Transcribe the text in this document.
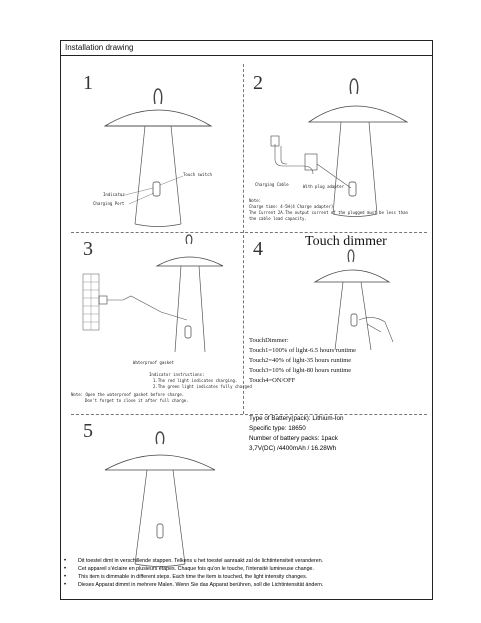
Installation drawing
1
Touch switch
Indicator
Charging Port
2
Charging Cable	With plug adapter
Note:
Charge time: 4-5H(4 Charge adapter)
The Current 2A.The output current of the plugged must be less than
the cable load capacity.
3
Waterproof gasket
Indicator instructions:
1.The red light indicates charging.
2.The green light indicates fully charged
Note: Open the waterproof gasket before charge.
Don't forget to close it after full charge.
4	Touch dimmer
TouchDimmer:
Touch1=100% of light-6.5 hours runtime
Touch2=40% of light-35 hours runtime
Touch3=10% of light-80 hours runtime
Touch4=ON/OFF
5
Type of Battery(pack): Lithium-Ion
Specific type: 18650
Number of battery packs: 1pack
3,7V(DC) /4400mAh / 16.28Wh
• Dit toestel dimt in verschillende stappen. Telkens u het toestel aanraakt zal de lichtintensiteit veranderen.
• Cet appareil s'éclaire en plusieurs étapes. Chaque fois qu'on le touche, l'intensité lumineuse change.
• This item is dimmable in different steps. Each time the item is touched, the light intensity changes.
• Dieses Apparat dimmt in mehrere Malen. Wenn Sie das Apparat berühren, soll die Lichtintensität ändern.
